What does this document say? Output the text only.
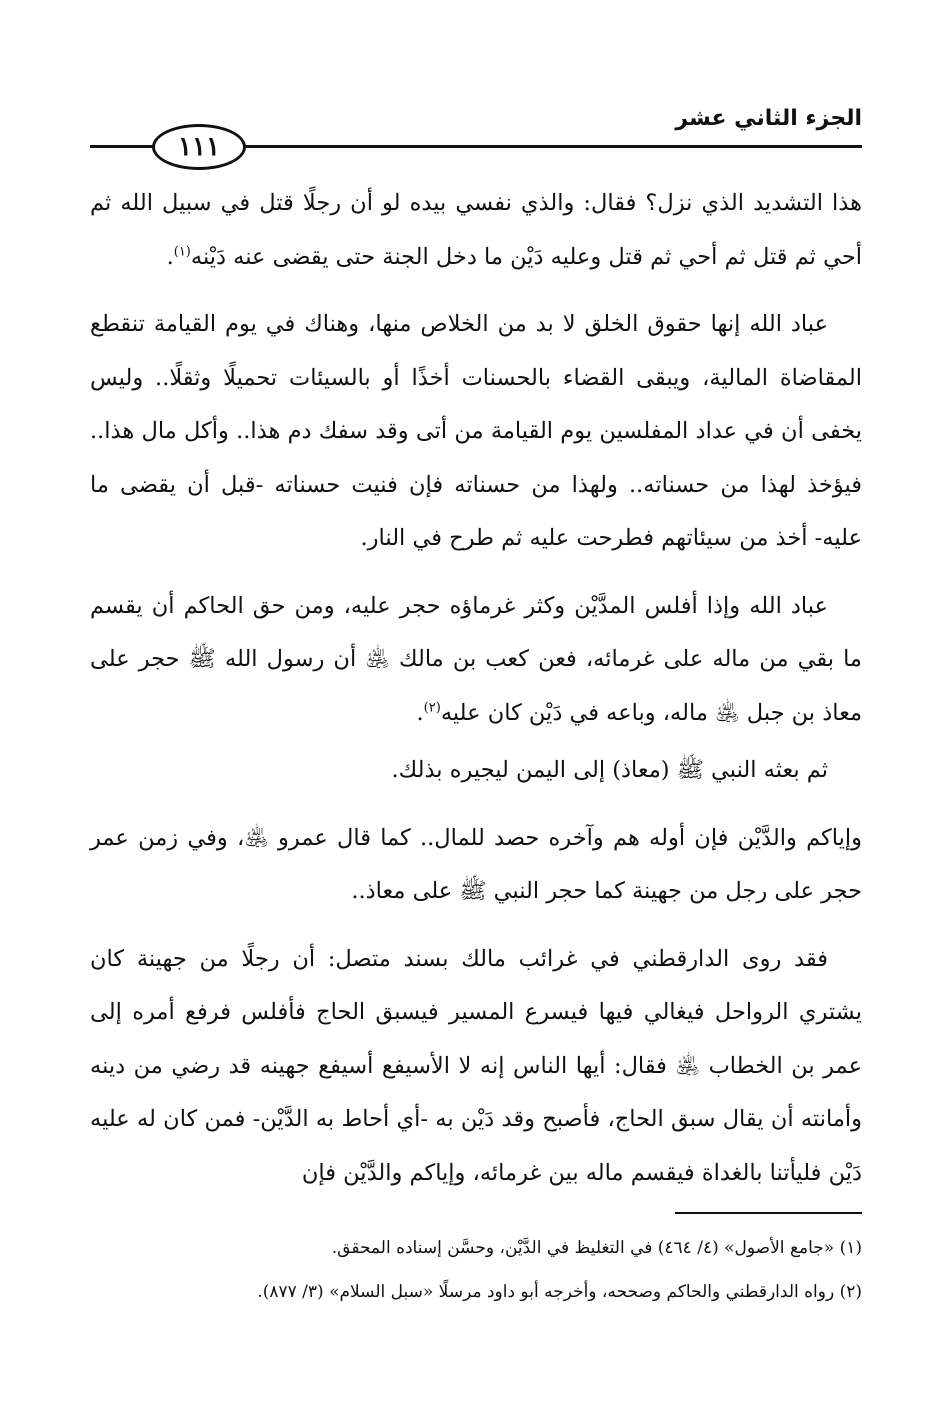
١١١
الجزء الثاني عشر

هذا التشديد الذي نزل؟ فقال: والذي نفسي بيده لو أن رجلًا قتل في سبيل الله ثم أحي ثم قتل ثم أحي ثم قتل وعليه دَيْن ما دخل الجنة حتى يقضى عنه دَيْنه$^{(١)}$.

عباد الله إنها حقوق الخلق لا بد من الخلاص منها، وهناك في يوم القيامة تنقطع المقاضاة المالية، ويبقى القضاء بالحسنات أخذًا أو بالسيئات تحميلًا وثقلًا.. وليس يخفى أن في عداد المفلسين يوم القيامة من أتى وقد سفك دم هذا.. وأكل مال هذا.. فيؤخذ لهذا من حسناته.. ولهذا من حسناته فإن فنيت حسناته -قبل أن يقضى ما عليه- أخذ من سيئاتهم فطرحت عليه ثم طرح في النار.

عباد الله وإذا أفلس المدَّيْن وكثر غرماؤه حجر عليه، ومن حق الحاكم أن يقسم ما بقي من ماله على غرمائه، فعن كعب بن مالك ﵁ أن رسول الله ﷺ حجر على معاذ بن جبل ﵁ ماله، وباعه في دَيْن كان عليه$^{(٢)}$.

ثم بعثه النبي ﷺ (معاذ) إلى اليمن ليجيره بذلك.

وإياكم والدَّيْن فإن أوله هم وآخره حصد للمال.. كما قال عمرو ﵁، وفي زمن عمر حجر على رجل من جهينة كما حجر النبي ﷺ على معاذ..

فقد روى الدارقطني في غرائب مالك بسند متصل: أن رجلًا من جهينة كان يشتري الرواحل فيغالي فيها فيسرع المسير فيسبق الحاج فأفلس فرفع أمره إلى عمر بن الخطاب ﵁ فقال: أيها الناس إنه لا الأسيفع أسيفع جهينه قد رضي من دينه وأمانته أن يقال سبق الحاج، فأصبح وقد دَيْن به -أي أحاط به الدَّيْن- فمن كان له عليه دَيْن فليأتنا بالغداة فيقسم ماله بين غرمائه، وإياكم والدَّيْن فإن

(١) «جامع الأصول» (٤/ ٤٦٤) في التغليظ في الدَّيْن، وحسَّن إسناده المحقق.
(٢) رواه الدارقطني والحاكم وصححه، وأخرجه أبو داود مرسلًا «سبل السلام» (٣/ ٨٧٧).
